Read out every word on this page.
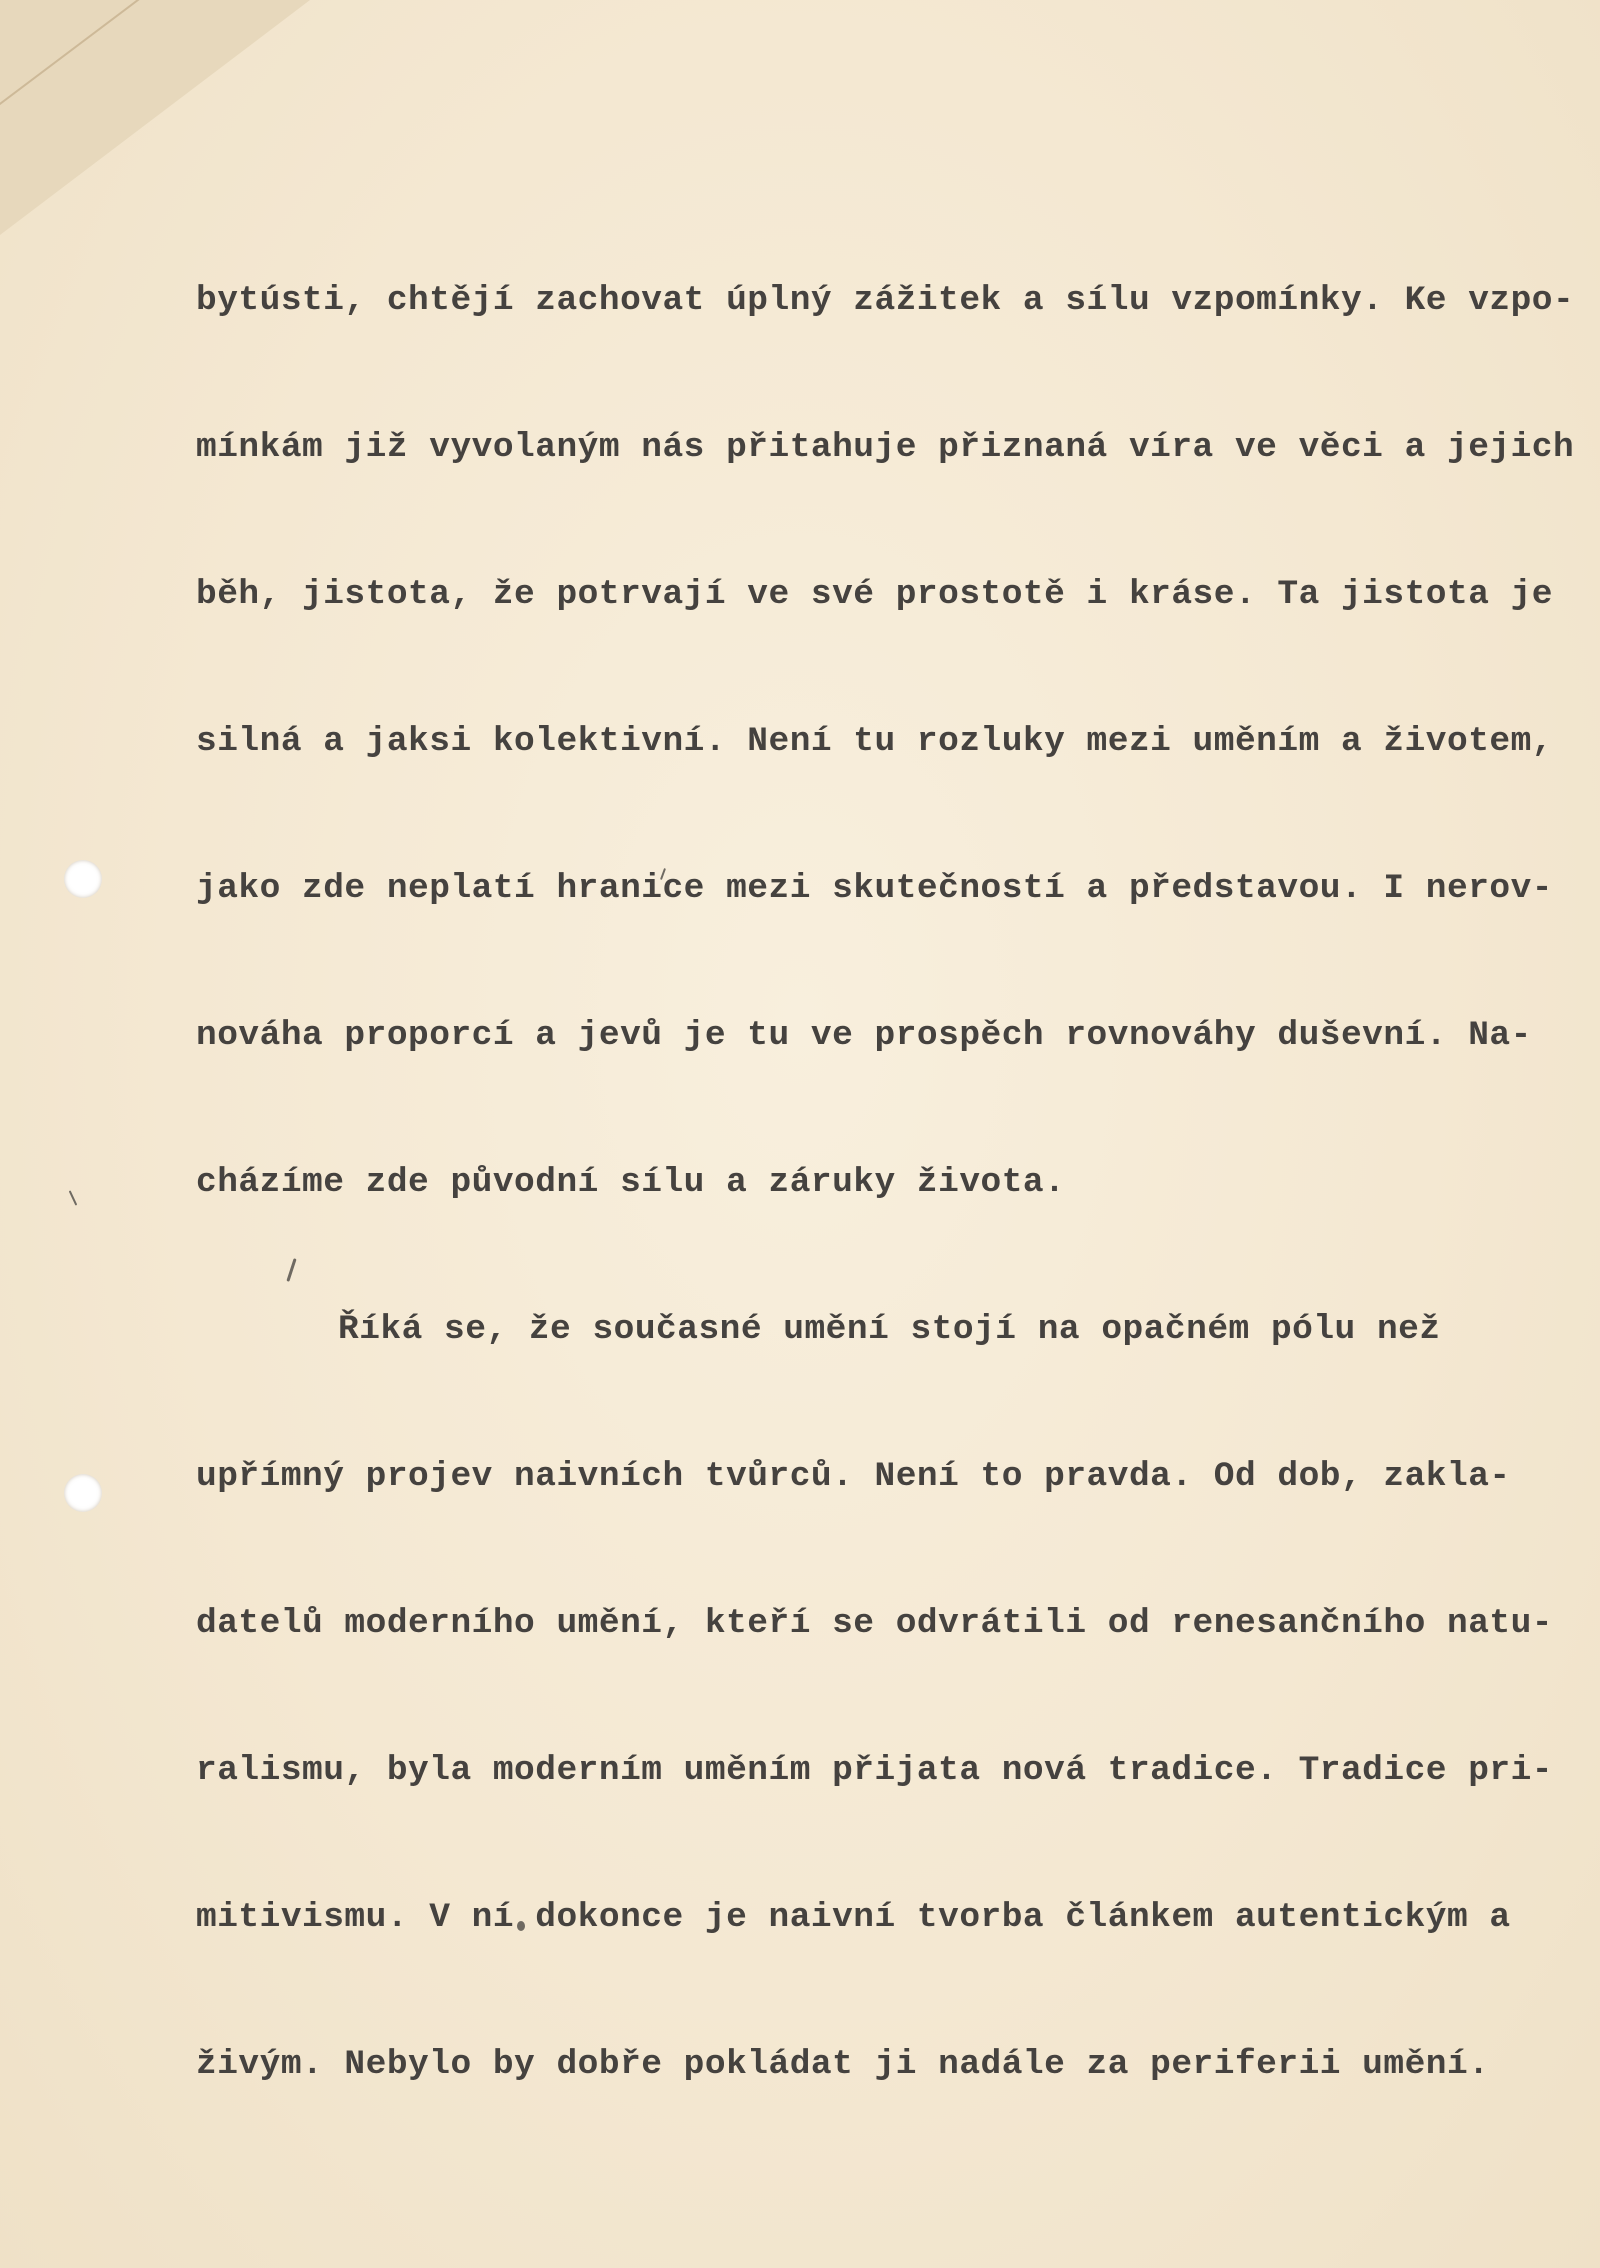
bytústi, chtějí zachovat úplný zážitek a sílu vzpomínky. Ke vzpo-

mínkám již vyvolaným nás přitahuje přiznaná víra ve věci a jejich

běh, jistota, že potrvají ve své prostotě i kráse. Ta jistota je

silná a jaksi kolektivní. Není tu rozluky mezi uměním a životem,

jako zde neplatí hranice mezi skutečností a představou. I nerov-

nováha proporcí a jevů je tu ve prospěch rovnováhy duševní. Na-

cházíme zde původní sílu a záruky života.

Říká se, že současné umění stojí na opačném pólu než

upřímný projev naivních tvůrců. Není to pravda. Od dob, zakla-

datelů moderního umění, kteří se odvrátili od renesančního natu-

ralismu, byla moderním uměním přijata nová tradice. Tradice pri-

mitivismu. V ní dokonce je naivní tvorba článkem autentickým a

živým. Nebylo by dobře pokládat ji nadále za periferii umění.
